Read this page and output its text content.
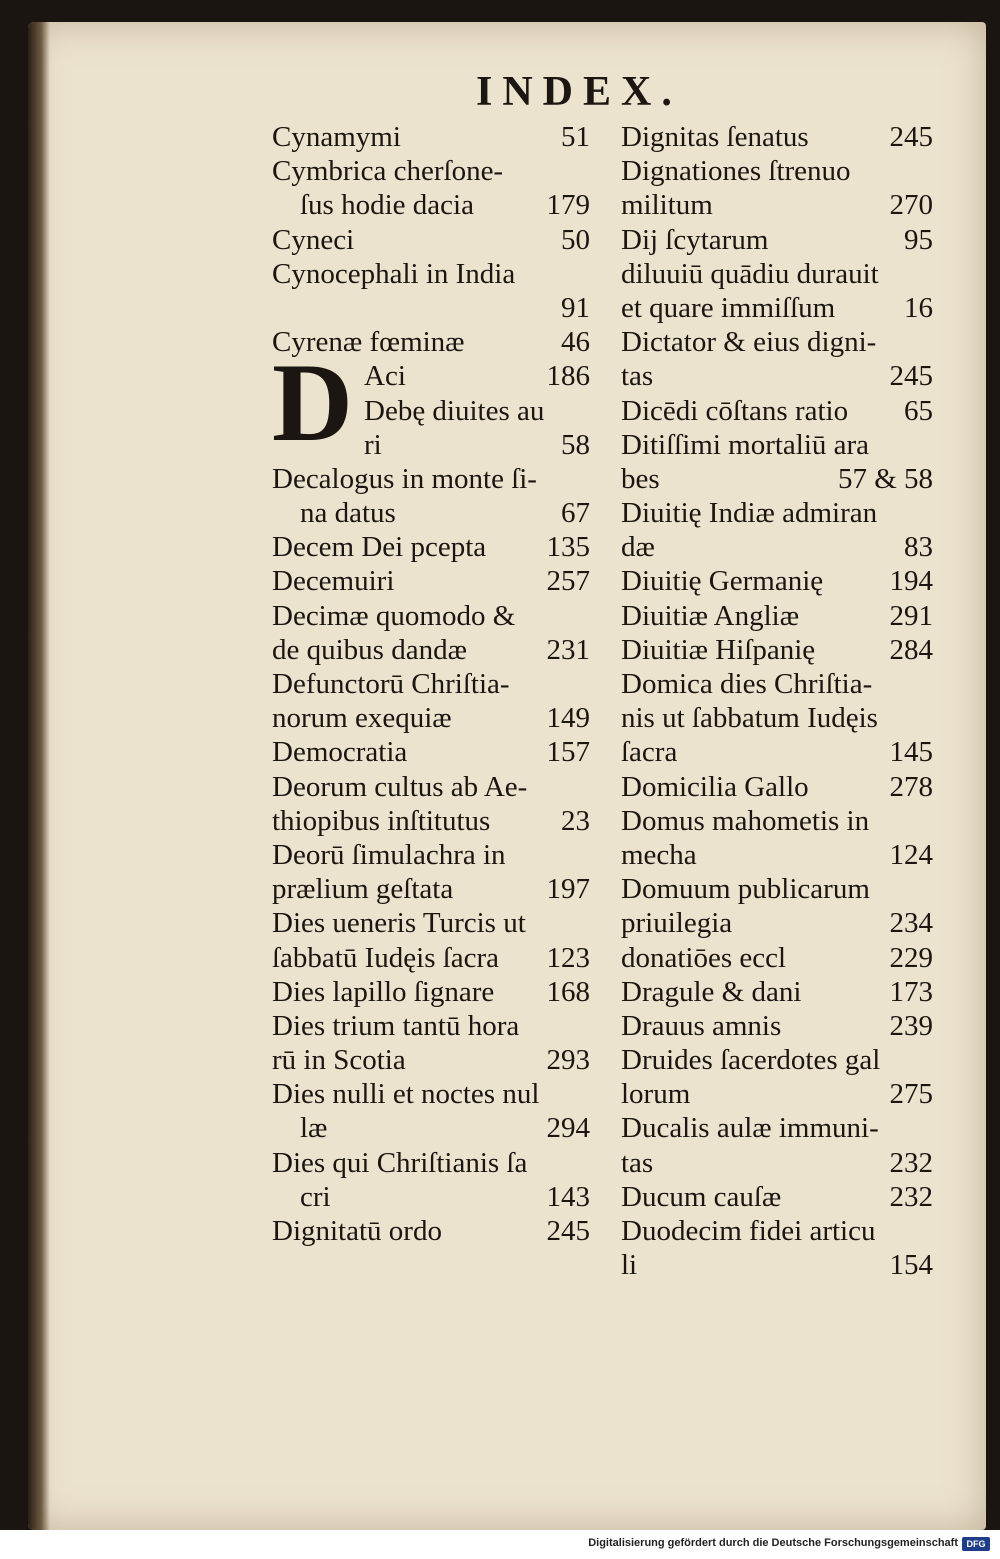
INDEX.
D
Cynamymi	51
Cymbrica cherſone-
ſus hodie dacia	179
Cyneci	50
Cynocephali in India
91
Cyrenæ fœminæ	46
Aci	186
Debę diuites au
ri	58
Decalogus in monte ſi-
na datus	67
Decem Dei pcepta 135
Decemuiri	257
Decimæ quomodo &
de quibus dandæ	231
Defunctorū Chriſtia-
norum exequiæ	149
Democratia	157
Deorum cultus ab Ae-
thiopibus inſtitutus 23
Deorū ſimulachra in
prælium geſtata	197
Dies ueneris Turcis ut
ſabbatū Iudęis ſacra 123
Dies lapillo ſignare 168
Dies trium tantū hora
rū in Scotia	293
Dies nulli et noctes nul
læ	294
Dies qui Chriſtianis ſa
cri	143
Dignitatū ordo	245
Dignitas ſenatus	245
Dignationes ſtrenuo
militum	270
Dij ſcytarum	95
diluuiū quādiu durauit
et quare immiſſum 16
Dictator & eius digni-
tas	245
Dicēdi cōſtans ratio 65
Ditiſſimi mortaliū ara
bes	57 & 58
Diuitię Indiæ admiran
dæ	83
Diuitię Germanię 194
Diuitiæ Angliæ	291
Diuitiæ Hiſpanię	284
Domica dies Chriſtia-
nis ut ſabbatum Iudęis
ſacra	145
Domicilia Gallo	278
Domus mahometis in
mecha	124
Domuum publicarum
priuilegia	234
donatiōes eccl	229
Dragule & dani	173
Drauus amnis	239
Druides ſacerdotes gal
lorum	275
Ducalis aulæ immuni-
tas	232
Ducum cauſæ	232
Duodecim fidei articu
li	154
Digitalisierung gefördert durch die Deutsche Forschungsgemeinschaft DFG
